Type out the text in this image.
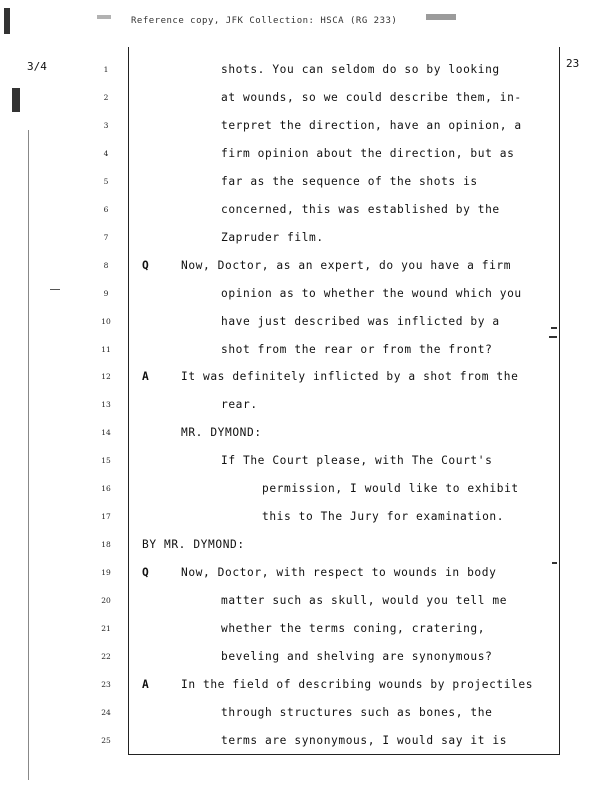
Reference copy, JFK Collection: HSCA (RG 233)
3/4	23
1	shots. You can seldom do so by looking
2	at wounds, so we could describe them, in-
3	terpret the direction, have an opinion, a
4	firm opinion about the direction, but as
5	far as the sequence of the shots is
6	concerned, this was established by the
7	Zapruder film.
8	Q	Now, Doctor, as an expert, do you have a firm
9	opinion as to whether the wound which you
10	have just described was inflicted by a
11	shot from the rear or from the front?
12	A	It was definitely inflicted by a shot from the
13	rear.
14	MR. DYMOND:
15	If The Court please, with The Court's
16	permission, I would like to exhibit
17	this to The Jury for examination.
18	BY MR. DYMOND:
19	Q	Now, Doctor, with respect to wounds in body
20	matter such as skull, would you tell me
21	whether the terms coning, cratering,
22	beveling and shelving are synonymous?
23	A	In the field of describing wounds by projectiles
24	through structures such as bones, the
25	terms are synonymous, I would say it is
